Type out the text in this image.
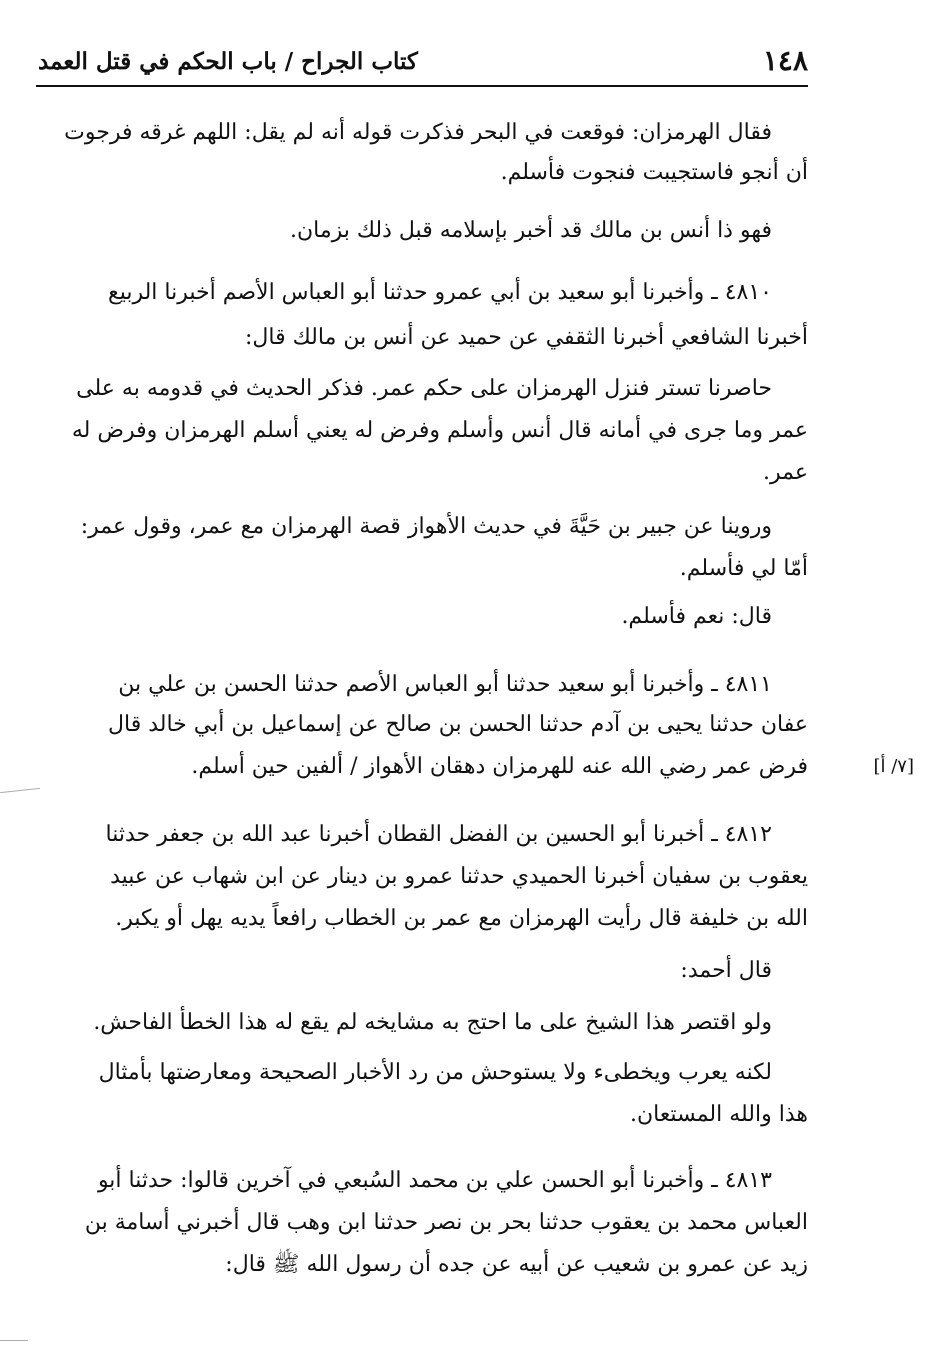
١٤٨
كتاب الجراح / باب الحكم في قتل العمد
فقال الهرمزان: فوقعت في البحر فذكرت قوله أنه لم يقل: اللهم غرقه فرجوت
أن أنجو فاستجيبت فنجوت فأسلم.
فهو ذا أنس بن مالك قد أخبر بإسلامه قبل ذلك بزمان.
٤٨١٠ ـ وأخبرنا أبو سعيد بن أبي عمرو حدثنا أبو العباس الأصم أخبرنا الربيع
أخبرنا الشافعي أخبرنا الثقفي عن حميد عن أنس بن مالك قال:
حاصرنا تستر فنزل الهرمزان على حكم عمر. فذكر الحديث في قدومه به على
عمر وما جرى في أمانه قال أنس وأسلم وفرض له يعني أسلم الهرمزان وفرض له
عمر.
وروينا عن جبير بن حَيَّةَ في حديث الأهواز قصة الهرمزان مع عمر، وقول عمر:
أمّا لي فأسلم.
قال: نعم فأسلم.
٤٨١١ ـ وأخبرنا أبو سعيد حدثنا أبو العباس الأصم حدثنا الحسن بن علي بن
عفان حدثنا يحيى بن آدم حدثنا الحسن بن صالح عن إسماعيل بن أبي خالد قال
فرض عمر رضي الله عنه للهرمزان دهقان الأهواز / ألفين حين أسلم.	[٧/ أ]
٤٨١٢ ـ أخبرنا أبو الحسين بن الفضل القطان أخبرنا عبد الله بن جعفر حدثنا
يعقوب بن سفيان أخبرنا الحميدي حدثنا عمرو بن دينار عن ابن شهاب عن عبيد
الله بن خليفة قال رأيت الهرمزان مع عمر بن الخطاب رافعاً يديه يهل أو يكبر.
قال أحمد:
ولو اقتصر هذا الشيخ على ما احتج به مشايخه لم يقع له هذا الخطأ الفاحش.
لكنه يعرب ويخطىء ولا يستوحش من رد الأخبار الصحيحة ومعارضتها بأمثال
هذا والله المستعان.
٤٨١٣ ـ وأخبرنا أبو الحسن علي بن محمد السُبعي في آخرين قالوا: حدثنا أبو
العباس محمد بن يعقوب حدثنا بحر بن نصر حدثنا ابن وهب قال أخبرني أسامة بن
زيد عن عمرو بن شعيب عن أبيه عن جده أن رسول الله ﷺ قال:
